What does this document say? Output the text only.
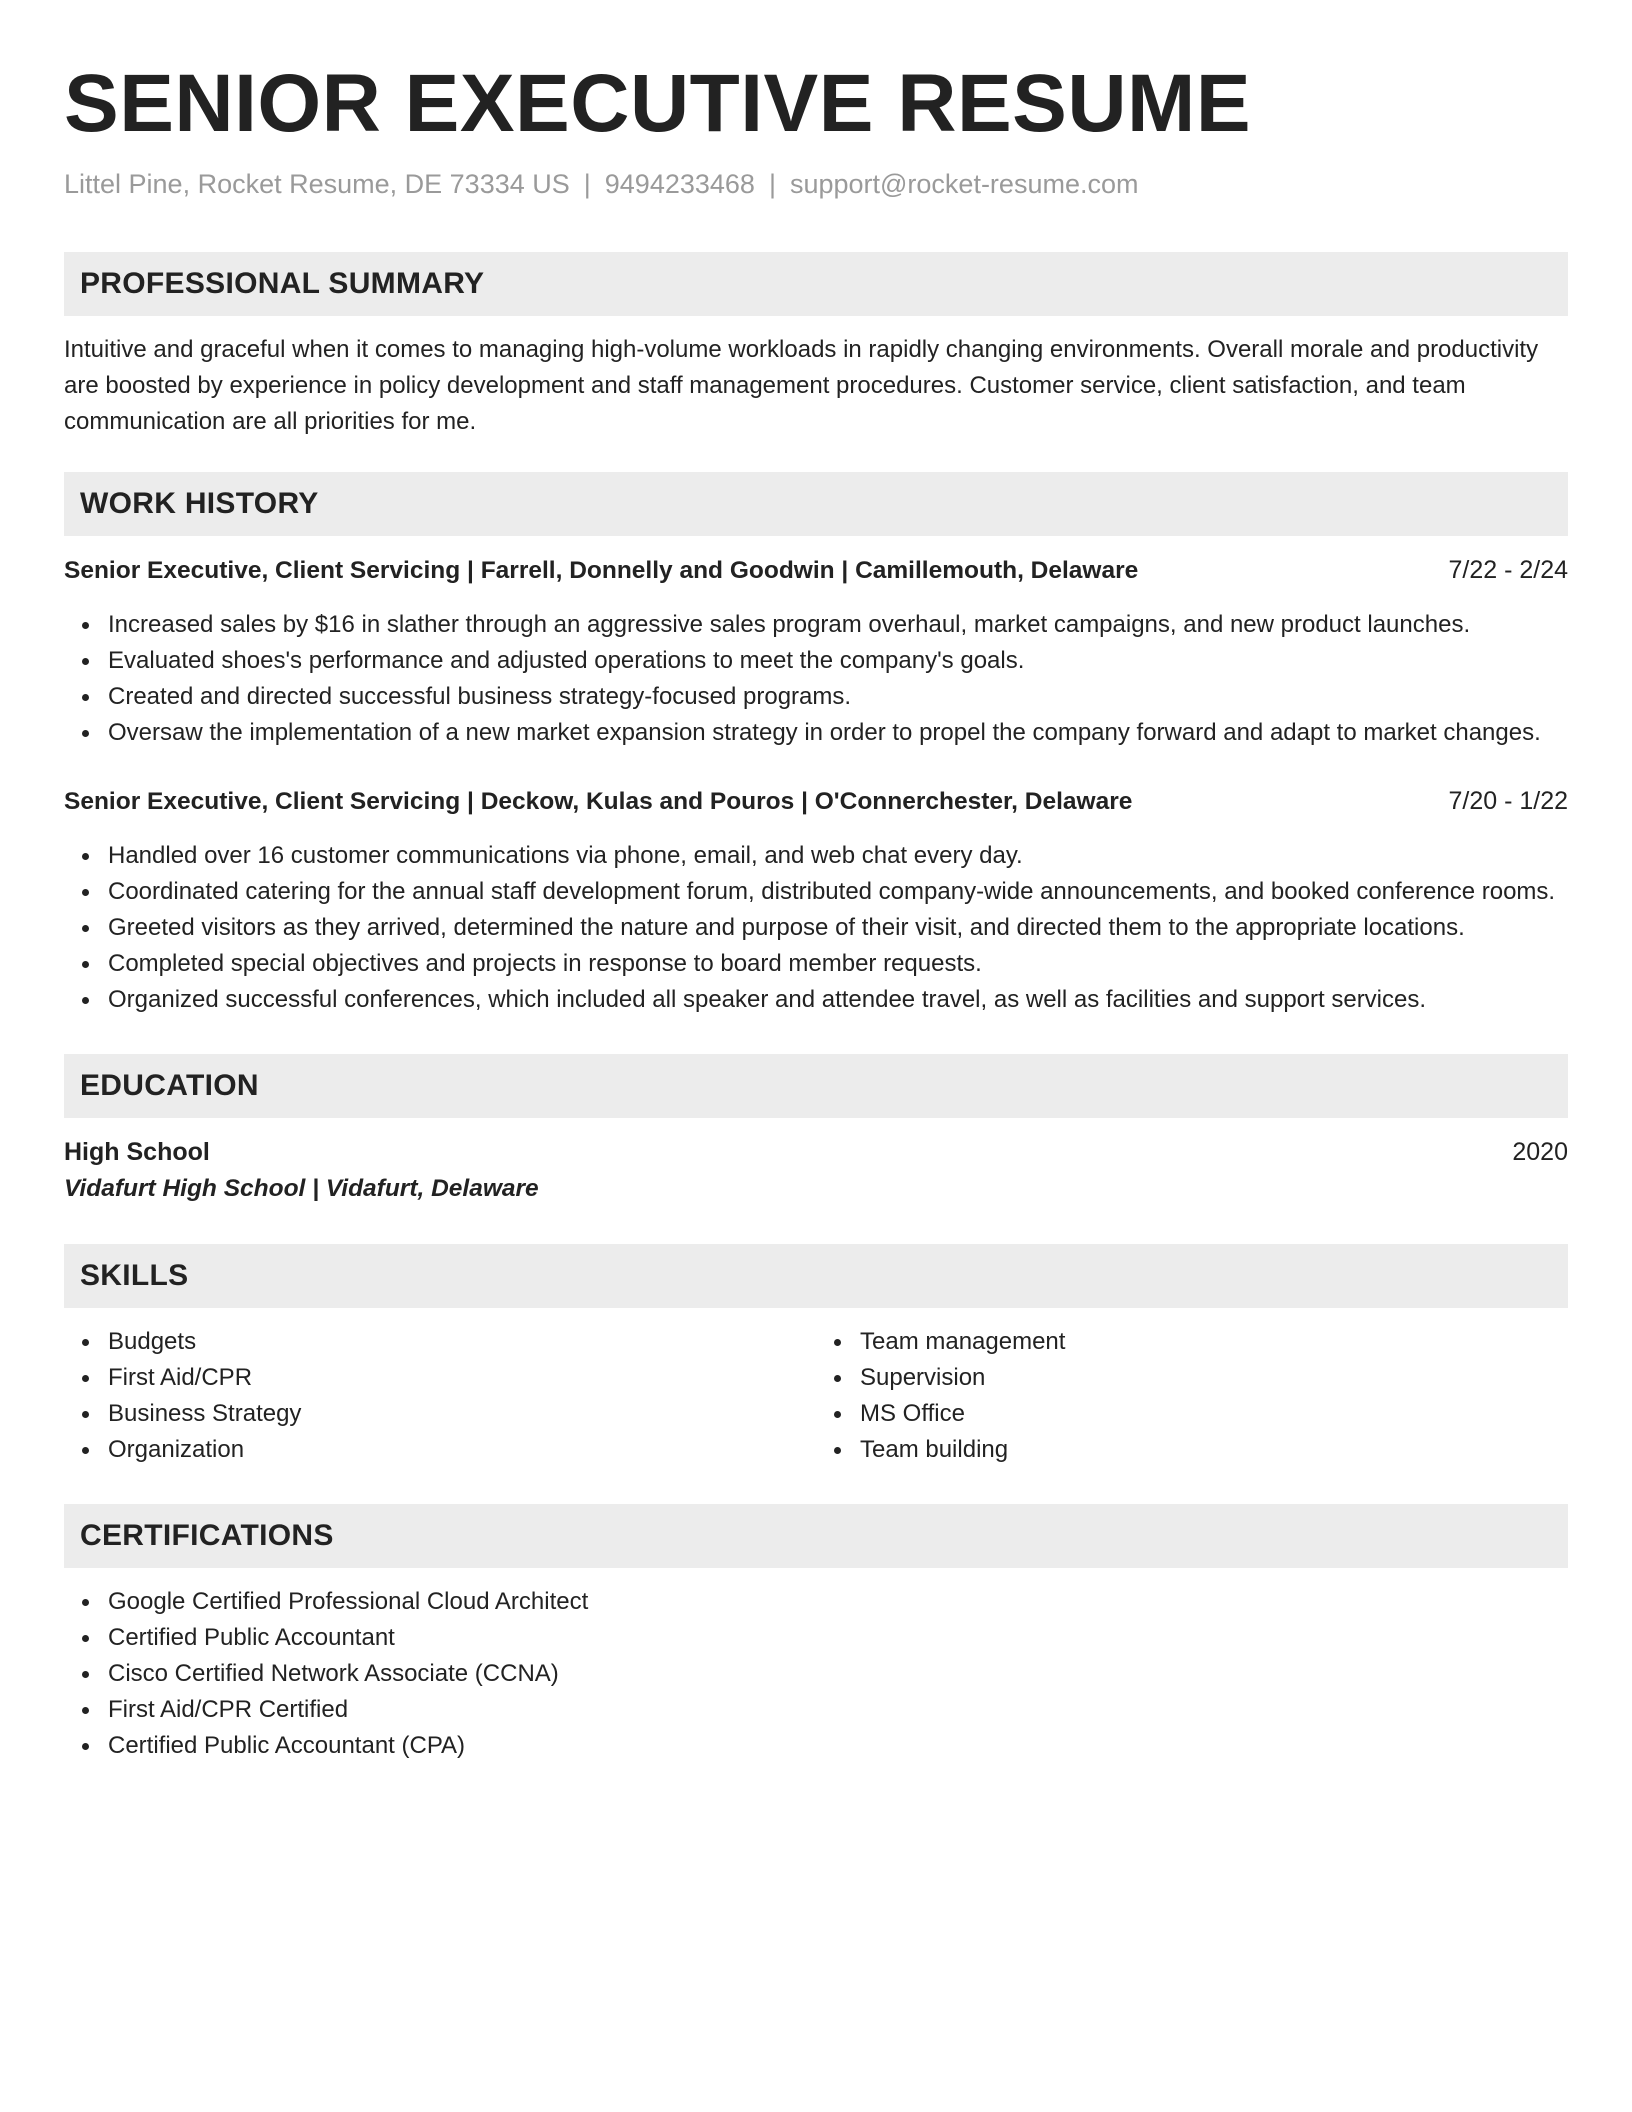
SENIOR EXECUTIVE RESUME
Littel Pine, Rocket Resume, DE 73334 US | 9494233468 | support@rocket-resume.com
PROFESSIONAL SUMMARY
Intuitive and graceful when it comes to managing high-volume workloads in rapidly changing environments. Overall morale and productivity are boosted by experience in policy development and staff management procedures. Customer service, client satisfaction, and team communication are all priorities for me.
WORK HISTORY
Senior Executive, Client Servicing | Farrell, Donnelly and Goodwin | Camillemouth, Delaware	7/22 - 2/24
Increased sales by $16 in slather through an aggressive sales program overhaul, market campaigns, and new product launches.
Evaluated shoes's performance and adjusted operations to meet the company's goals.
Created and directed successful business strategy-focused programs.
Oversaw the implementation of a new market expansion strategy in order to propel the company forward and adapt to market changes.
Senior Executive, Client Servicing | Deckow, Kulas and Pouros | O'Connerchester, Delaware	7/20 - 1/22
Handled over 16 customer communications via phone, email, and web chat every day.
Coordinated catering for the annual staff development forum, distributed company-wide announcements, and booked conference rooms.
Greeted visitors as they arrived, determined the nature and purpose of their visit, and directed them to the appropriate locations.
Completed special objectives and projects in response to board member requests.
Organized successful conferences, which included all speaker and attendee travel, as well as facilities and support services.
EDUCATION
High School	2020
Vidafurt High School | Vidafurt, Delaware
SKILLS
Budgets
First Aid/CPR
Business Strategy
Organization
Team management
Supervision
MS Office
Team building
CERTIFICATIONS
Google Certified Professional Cloud Architect
Certified Public Accountant
Cisco Certified Network Associate (CCNA)
First Aid/CPR Certified
Certified Public Accountant (CPA)
